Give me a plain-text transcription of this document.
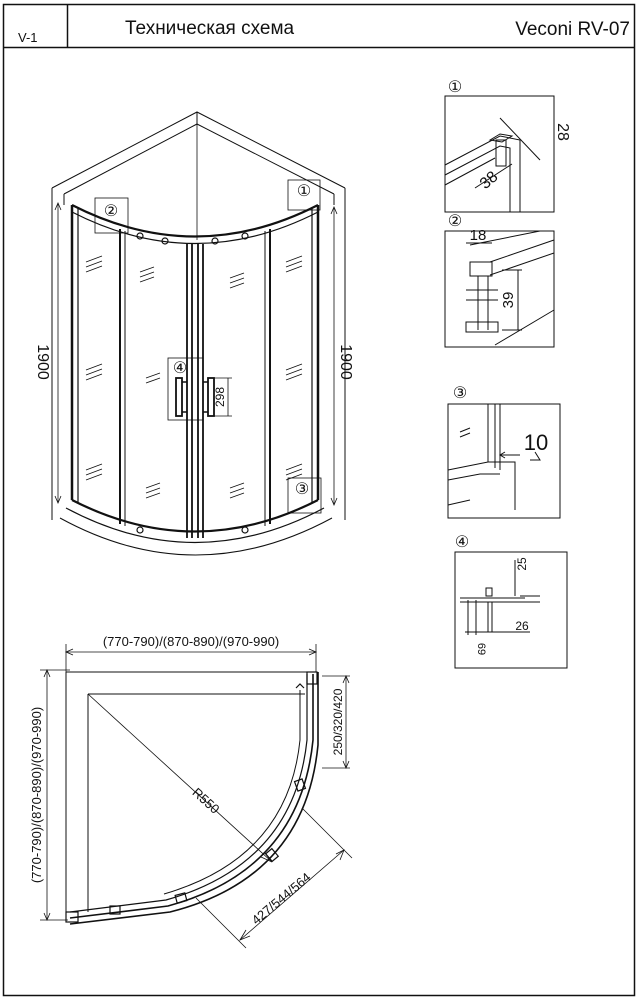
V-1	Техническая схема	Veconi RV-07
298
1900	1900
②
①
④
③
①
28
38
②
18
39
③
10
④
25
26
69
(770-790)/(870-890)/(970-990)
(770-790)/(870-890)/(970-990)	250/320/420
R550
427/544/564
